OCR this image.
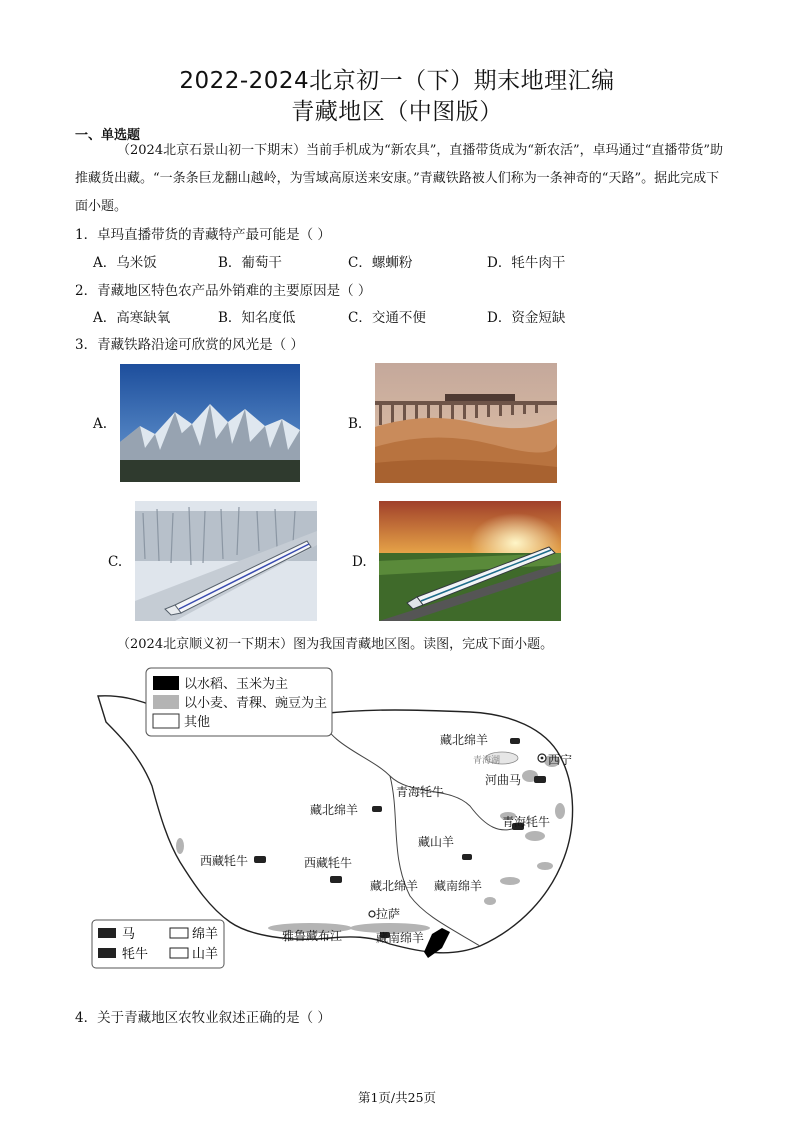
2022-2024北京初一（下）期末地理汇编
青藏地区（中图版）
一、单选题
（2024北京石景山初一下期末）当前手机成为“新农具”，直播带货成为“新农活”，卓玛通过“直播带货”助推藏货出藏。“一条条巨龙翻山越岭，为雪域高原送来安康。”青藏铁路被人们称为一条神奇的“天路”。据此完成下面小题。
1．卓玛直播带货的青藏特产最可能是（ ）
A．乌米饭	B．葡萄干	C．螺蛳粉	D．牦牛肉干
2．青藏地区特色农产品外销难的主要原因是（ ）
A．高寒缺氧	B．知名度低	C．交通不便	D．资金短缺
3．青藏铁路沿途可欣赏的风光是（ ）
A.	B.
C.	D.
（2024北京顺义初一下期末）图为我国青藏地区图。读图，完成下面小题。
以水稻、玉米为主
以小麦、青稞、豌豆为主
其他
马	绵羊
牦牛	山羊
藏北绵羊
西宁
青海湖
河曲马
青海牦牛
藏北绵羊
青海牦牛
藏山羊
西藏牦牛	西藏牦牛
藏北绵羊 藏南绵羊
拉萨
雅鲁藏布江	藏南绵羊
4．关于青藏地区农牧业叙述正确的是（ ）
第1页/共25页
